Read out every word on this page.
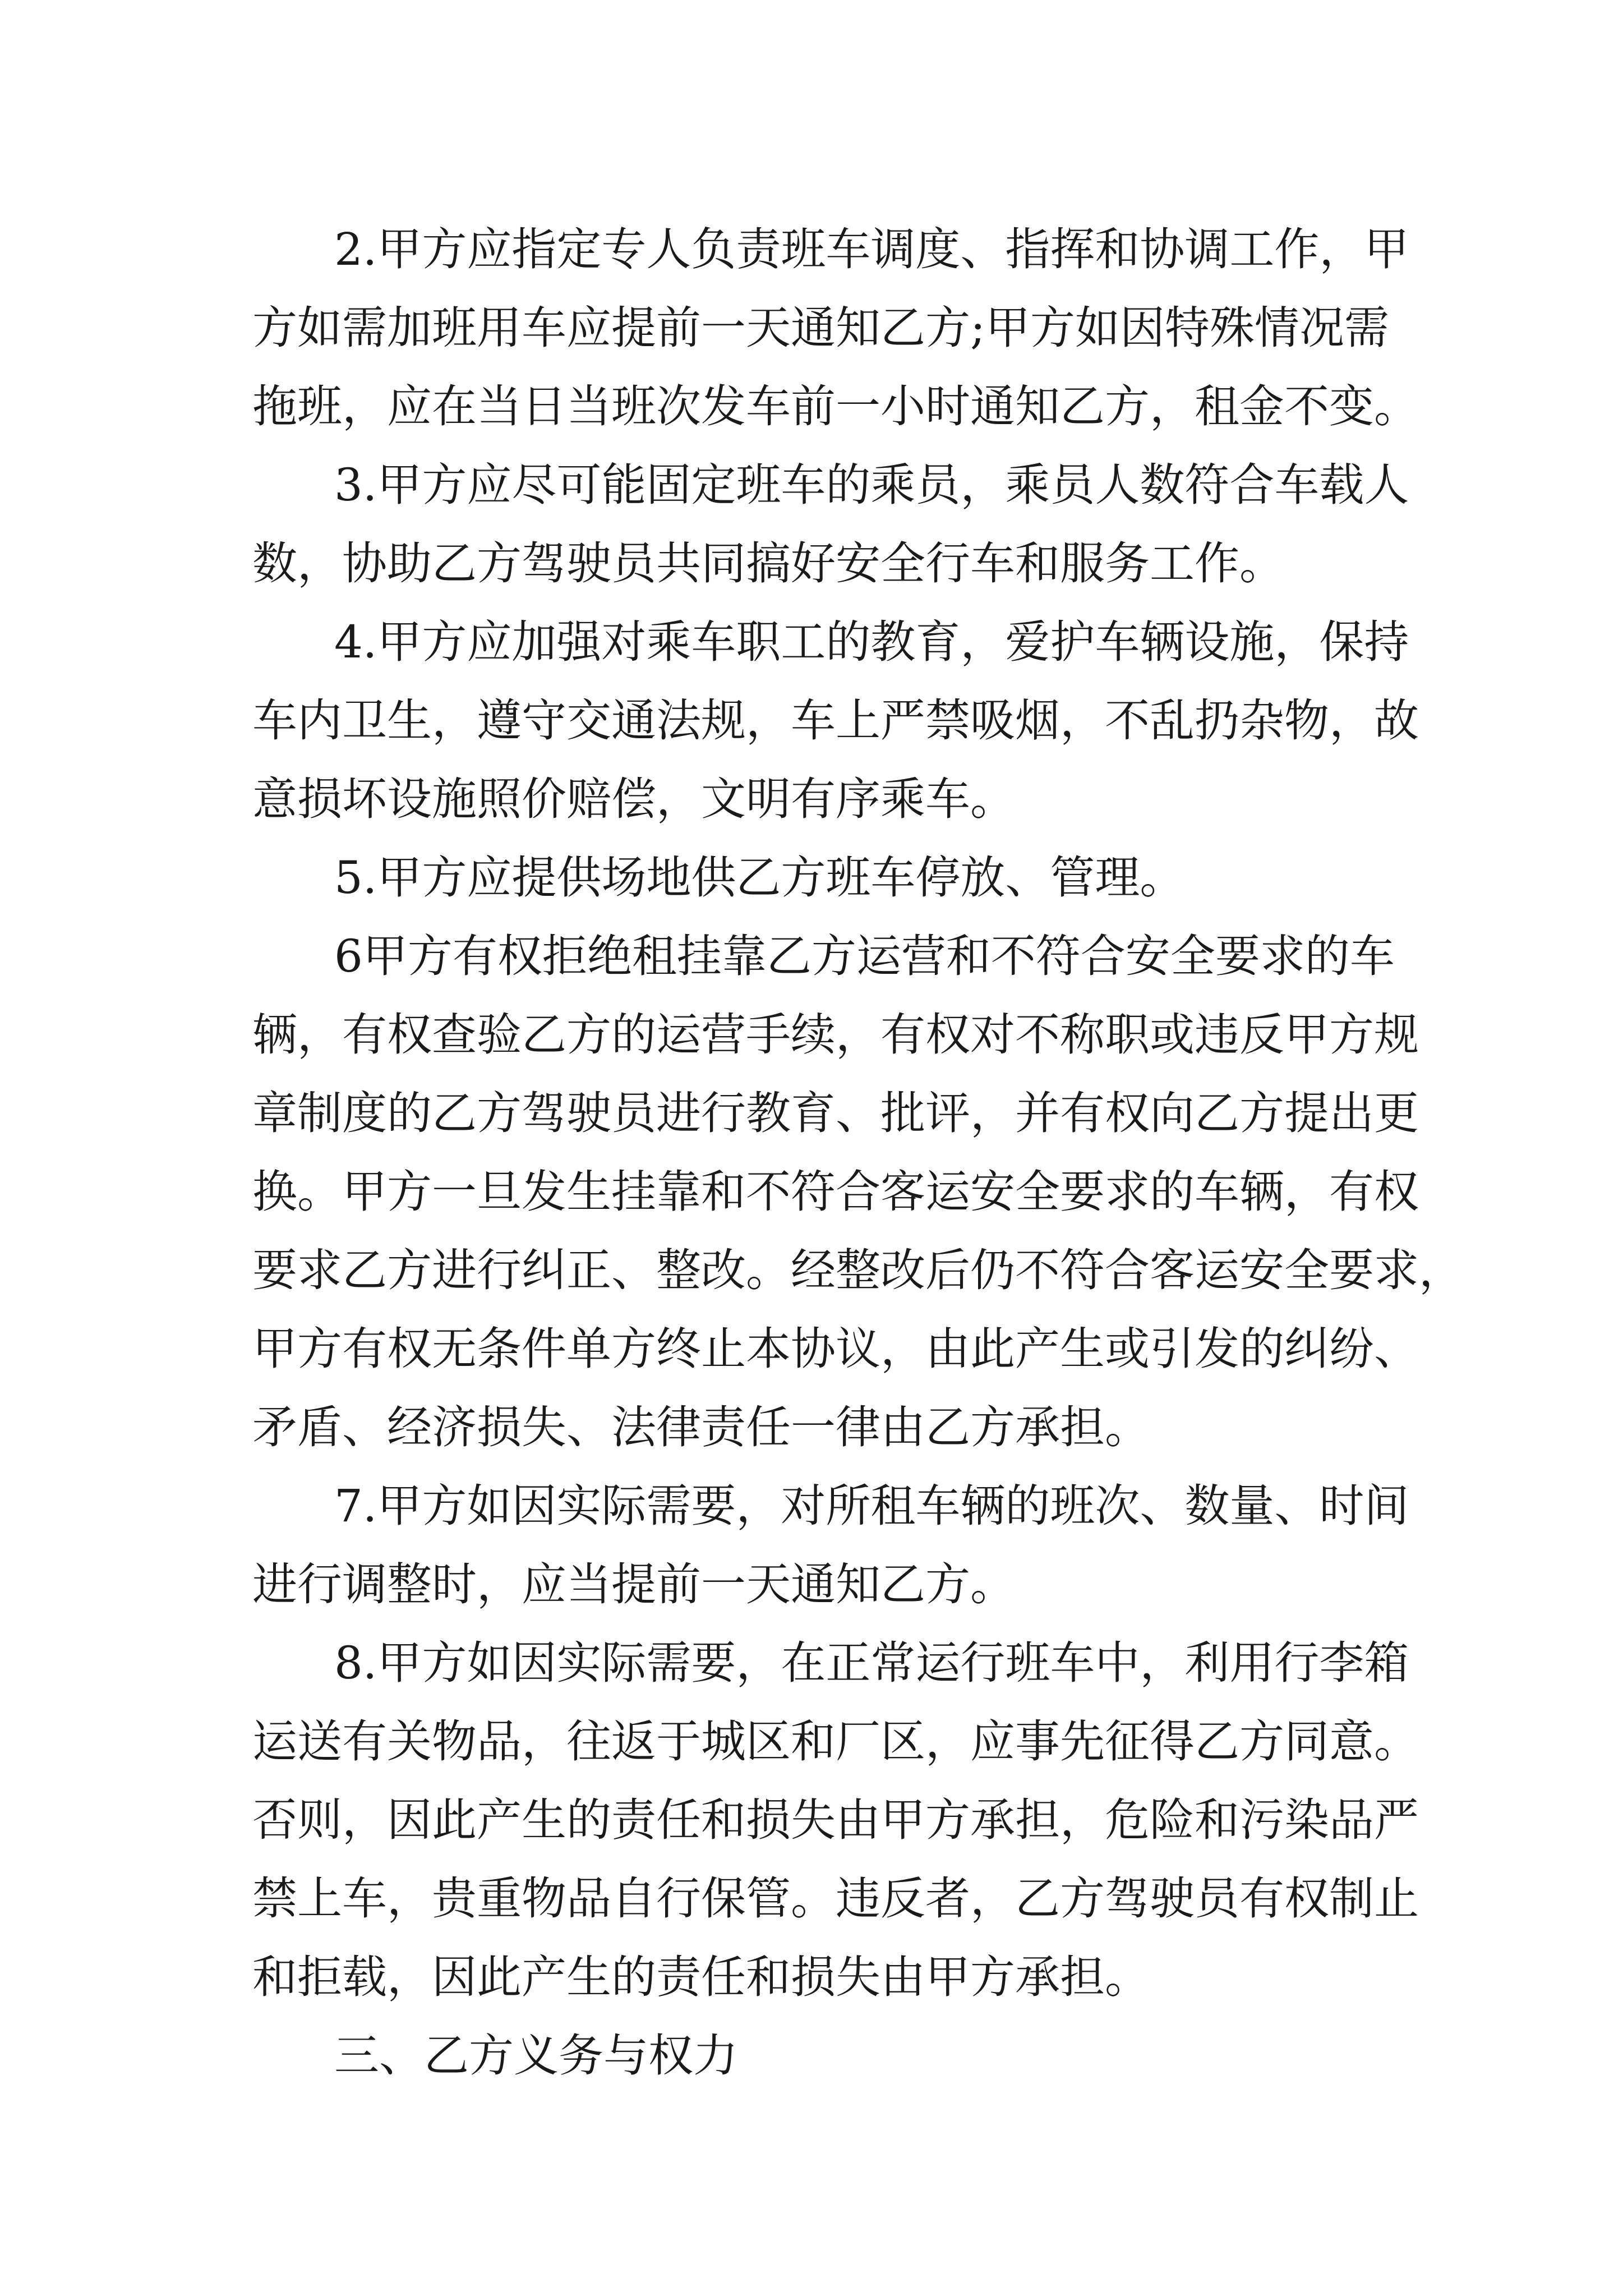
2.甲方应指定专人负责班车调度、指挥和协调工作，甲

方如需加班用车应提前一天通知乙方;甲方如因特殊情况需

拖班，应在当日当班次发车前一小时通知乙方，租金不变。

3.甲方应尽可能固定班车的乘员，乘员人数符合车载人

数，协助乙方驾驶员共同搞好安全行车和服务工作。

4.甲方应加强对乘车职工的教育，爱护车辆设施，保持

车内卫生，遵守交通法规，车上严禁吸烟，不乱扔杂物，故

意损坏设施照价赔偿，文明有序乘车。

5.甲方应提供场地供乙方班车停放、管理。

6甲方有权拒绝租挂靠乙方运营和不符合安全要求的车

辆，有权查验乙方的运营手续，有权对不称职或违反甲方规

章制度的乙方驾驶员进行教育、批评，并有权向乙方提出更

换。甲方一旦发生挂靠和不符合客运安全要求的车辆，有权

要求乙方进行纠正、整改。经整改后仍不符合客运安全要求，

甲方有权无条件单方终止本协议，由此产生或引发的纠纷、

矛盾、经济损失、法律责任一律由乙方承担。

7.甲方如因实际需要，对所租车辆的班次、数量、时间

进行调整时，应当提前一天通知乙方。

8.甲方如因实际需要，在正常运行班车中，利用行李箱

运送有关物品，往返于城区和厂区，应事先征得乙方同意。

否则，因此产生的责任和损失由甲方承担，危险和污染品严

禁上车，贵重物品自行保管。违反者，乙方驾驶员有权制止

和拒载，因此产生的责任和损失由甲方承担。

三、乙方义务与权力
